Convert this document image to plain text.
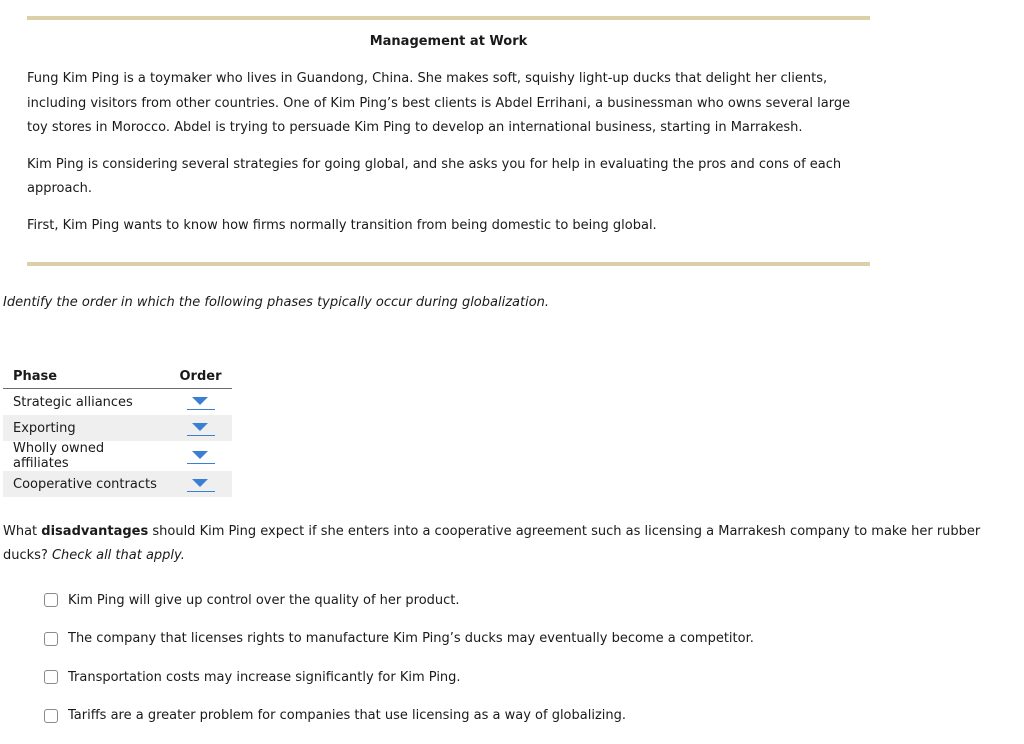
Management at Work

Fung Kim Ping is a toymaker who lives in Guandong, China. She makes soft, squishy light-up ducks that delight her clients, including visitors from other countries. One of Kim Ping’s best clients is Abdel Errihani, a businessman who owns several large toy stores in Morocco. Abdel is trying to persuade Kim Ping to develop an international business, starting in Marrakesh.

Kim Ping is considering several strategies for going global, and she asks you for help in evaluating the pros and cons of each approach.

First, Kim Ping wants to know how firms normally transition from being domestic to being global.

Identify the order in which the following phases typically occur during globalization.
Phase	Order
Strategic alliances	

Exporting	

Wholly owned affiliates	

Cooperative contracts	
What disadvantages should Kim Ping expect if she enters into a cooperative agreement such as licensing a Marrakesh company to make her rubber ducks? Check all that apply.
Kim Ping will give up control over the quality of her product.
The company that licenses rights to manufacture Kim Ping’s ducks may eventually become a competitor.
Transportation costs may increase significantly for Kim Ping.
Tariffs are a greater problem for companies that use licensing as a way of globalizing.
